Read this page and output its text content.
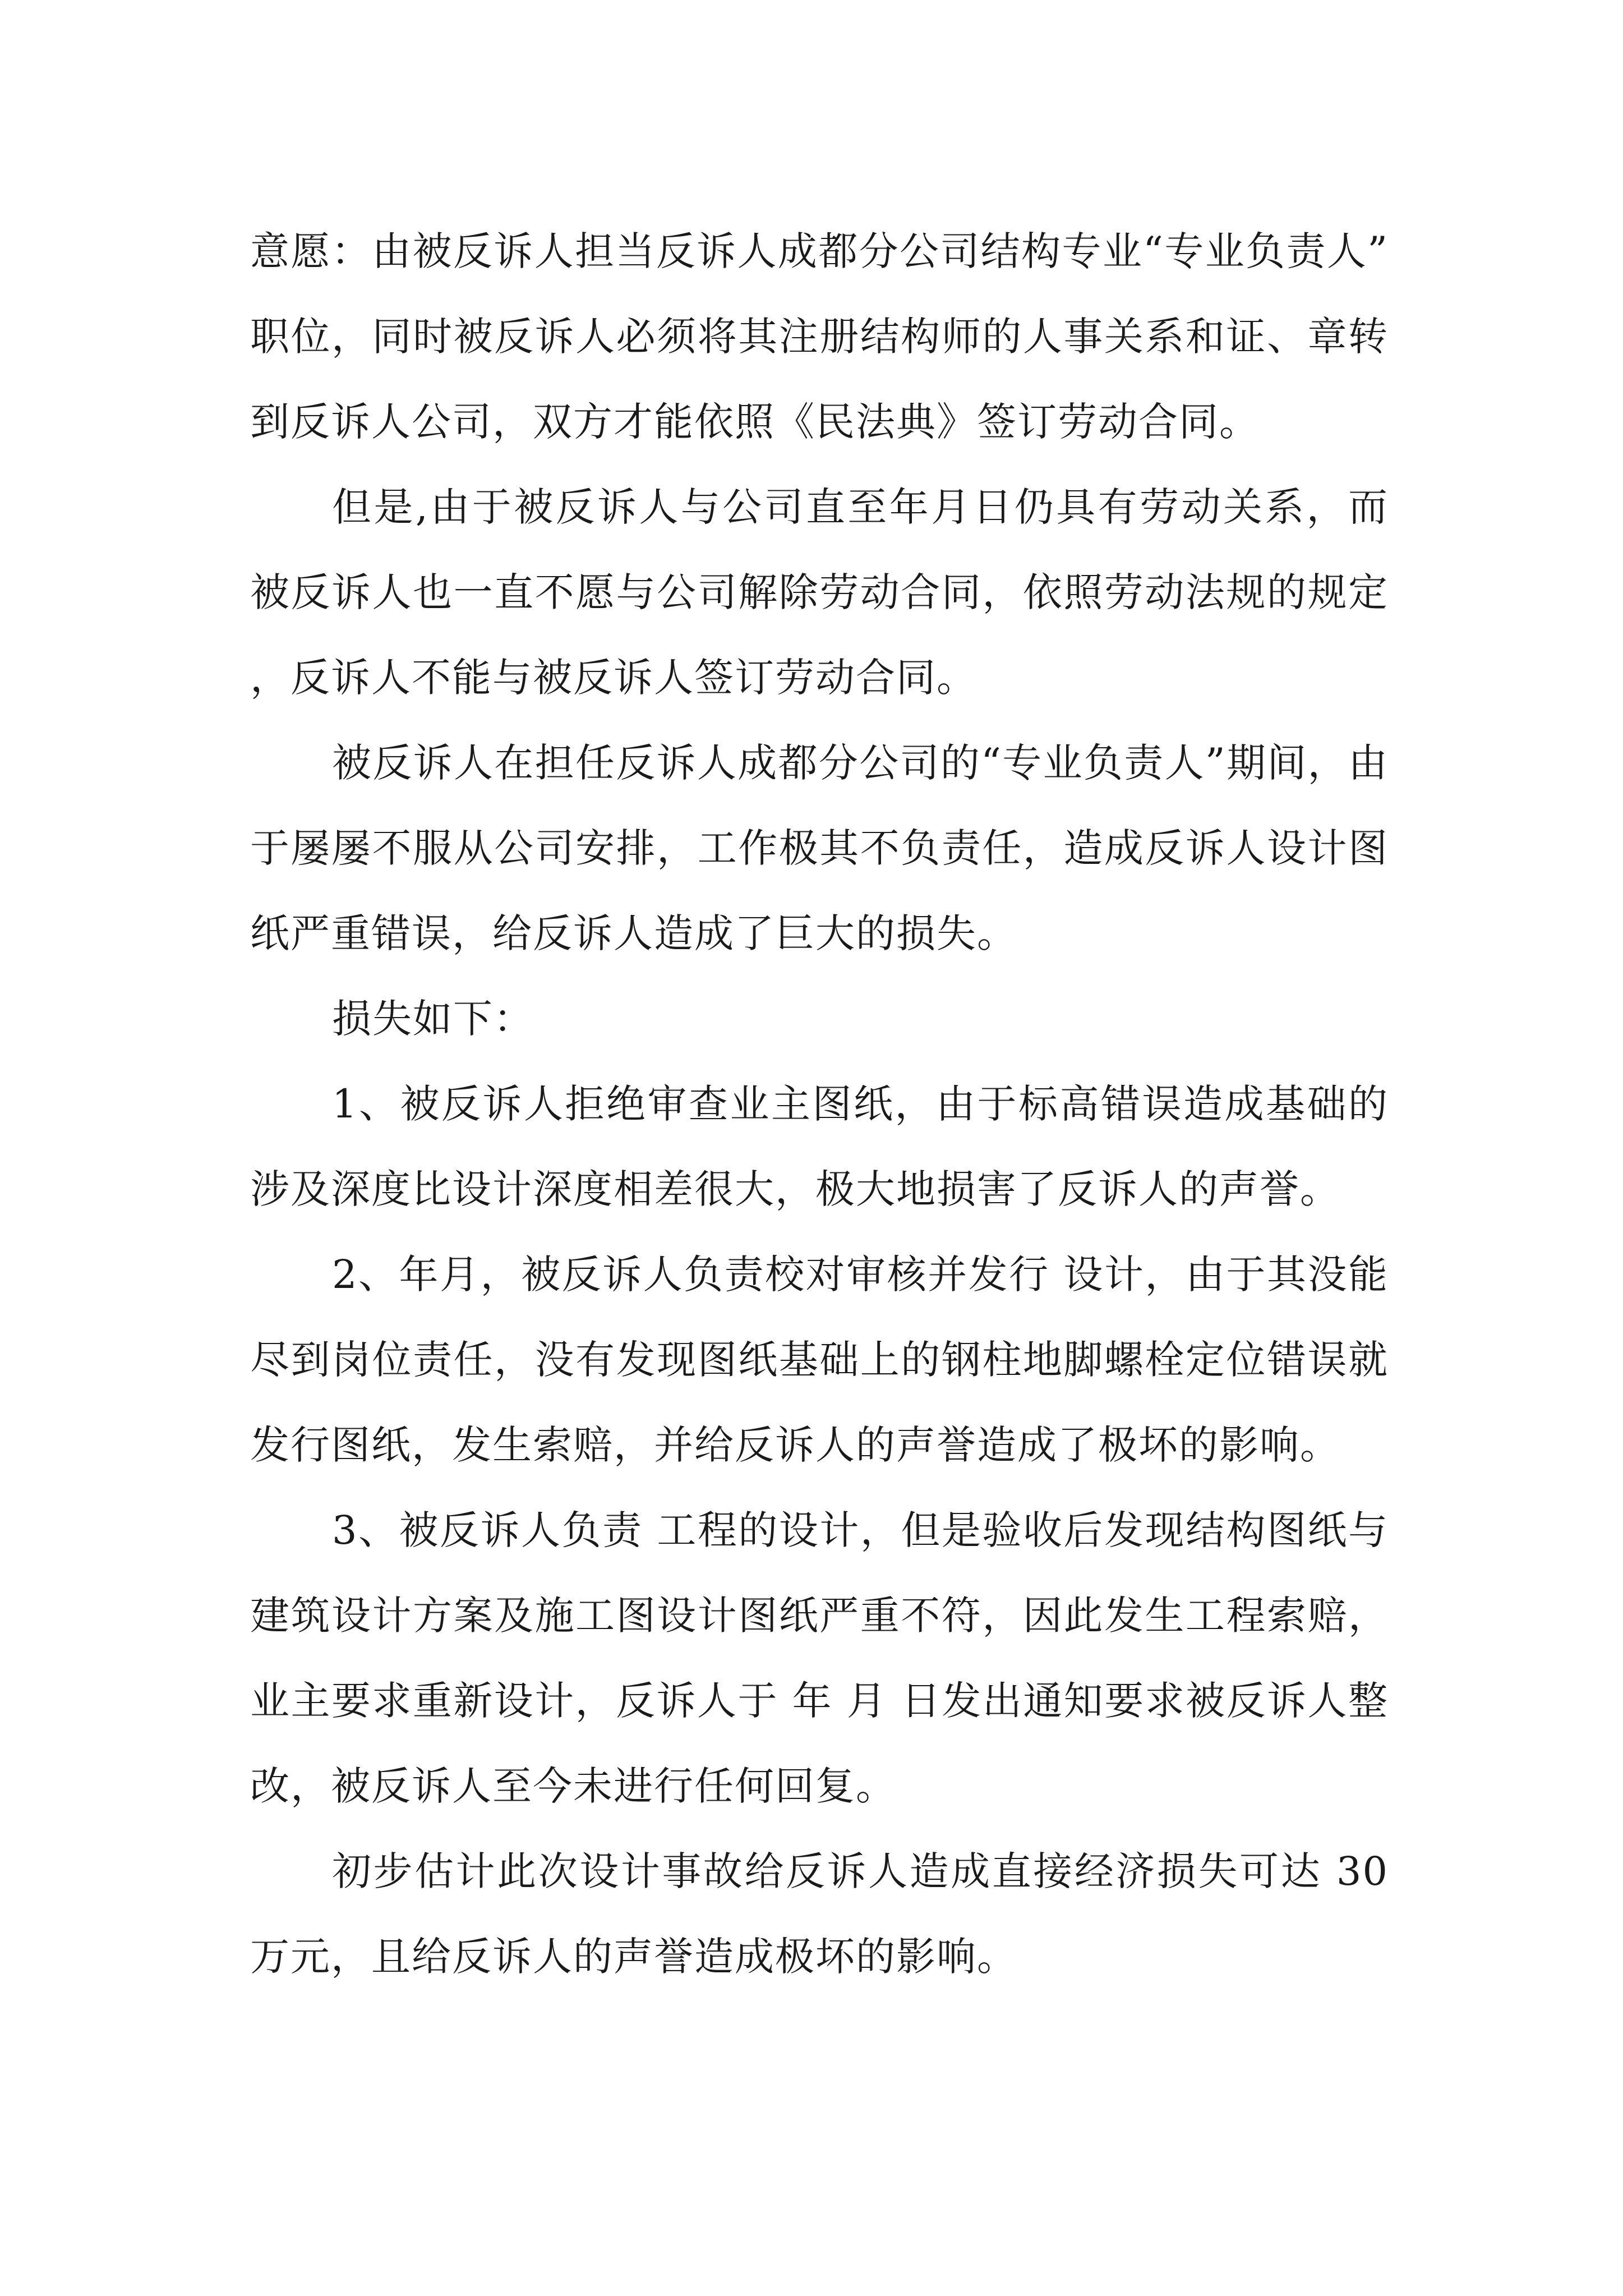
意愿：由被反诉人担当反诉人成都分公司结构专业“专业负责人”职位，同时被反诉人必须将其注册结构师的人事关系和证、章转到反诉人公司，双方才能依照《民法典》签订劳动合同。

但是,由于被反诉人与公司直至年月日仍具有劳动关系，而被反诉人也一直不愿与公司解除劳动合同，依照劳动法规的规定，反诉人不能与被反诉人签订劳动合同。

被反诉人在担任反诉人成都分公司的“专业负责人”期间，由于屡屡不服从公司安排，工作极其不负责任，造成反诉人设计图纸严重错误，给反诉人造成了巨大的损失。

损失如下：

1、被反诉人拒绝审查业主图纸，由于标高错误造成基础的涉及深度比设计深度相差很大，极大地损害了反诉人的声誉。

2、年月，被反诉人负责校对审核并发行 设计，由于其没能尽到岗位责任，没有发现图纸基础上的钢柱地脚螺栓定位错误就发行图纸，发生索赔，并给反诉人的声誉造成了极坏的影响。

3、被反诉人负责 工程的设计，但是验收后发现结构图纸与建筑设计方案及施工图设计图纸严重不符，因此发生工程索赔，业主要求重新设计，反诉人于 年 月 日发出通知要求被反诉人整改，被反诉人至今未进行任何回复。

初步估计此次设计事故给反诉人造成直接经济损失可达 30 万元，且给反诉人的声誉造成极坏的影响。
